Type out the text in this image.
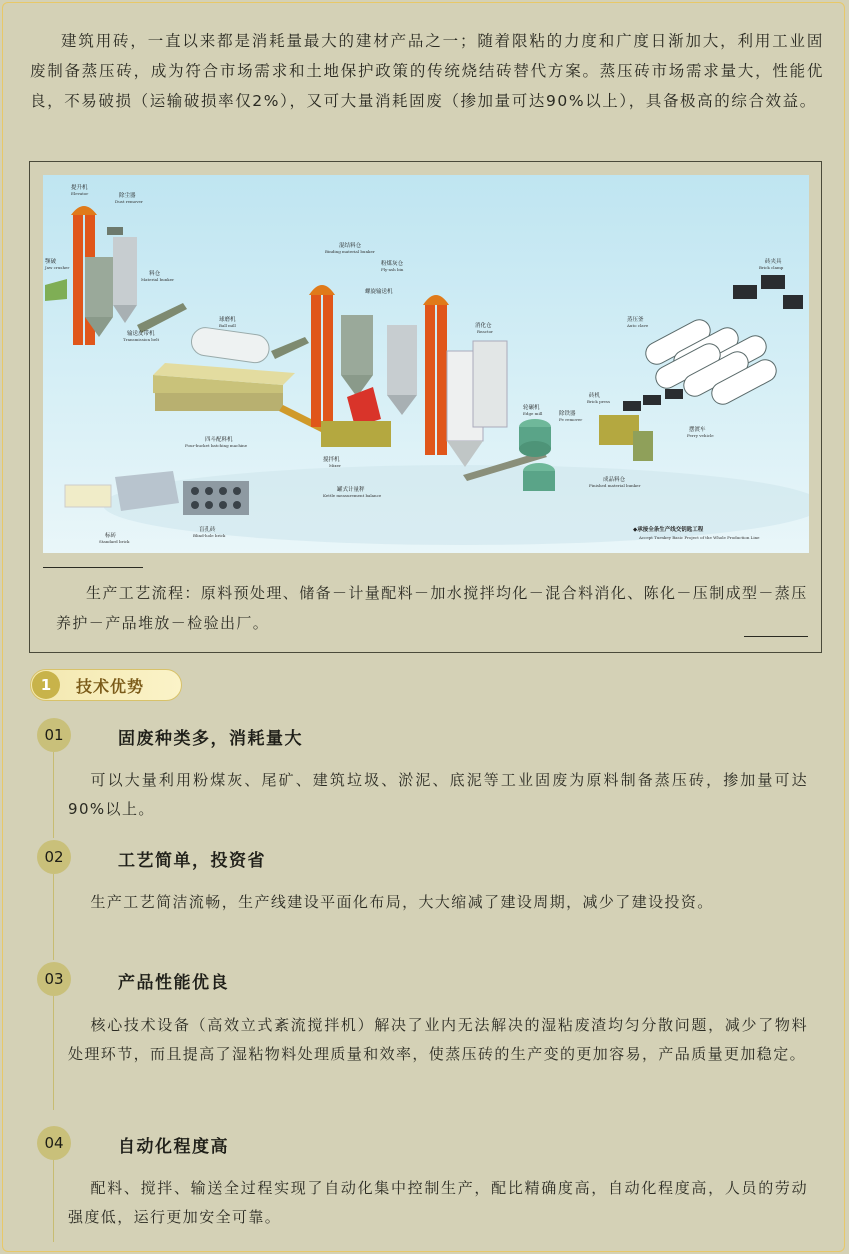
建筑用砖，一直以来都是消耗量最大的建材产品之一；随着限粘的力度和广度日渐加大，利用工业固废制备蒸压砖，成为符合市场需求和土地保护政策的传统烧结砖替代方案。蒸压砖市场需求量大，性能优良，不易破损（运输破损率仅2%），又可大量消耗固废（掺加量可达90%以上），具备极高的综合效益。

提升机
Elevator	除尘器
Dust remover
颚破
Jaw crusher
料仓
Material bunker
输送皮带机
Transmission belt
球磨机
Ball mill
四斗配料机
Four-bucket batching machine
混结料仓
Binding material bunker
粉煤灰仓
Fly-ash bin
螺旋输送机
搅拌机
Mixer
罐式计量秤
Kettle measurement balance
消化仓
Reactor
轮碾机
Edge mill	除铁器
Fe remover
砖机
Brick press
成品料仓
Finished material bunker
蒸压釜
Auto clave
摆渡车
Ferry vehicle
砖夹具
Brick clamp
标砖
Standard brick
盲孔砖
Blind-hole brick
◆承接全条生产线交钥匙工程
Accept Turnkey Basic Project of the Whole Production Line

生产工艺流程：原料预处理、储备－计量配料－加水搅拌均化－混合料消化、陈化－压制成型－蒸压养护－产品堆放－检验出厂。

1	技术优势
01	固废种类多，消耗量大

可以大量利用粉煤灰、尾矿、建筑垃圾、淤泥、底泥等工业固废为原料制备蒸压砖，掺加量可达90%以上。

02	工艺简单，投资省

生产工艺简洁流畅，生产线建设平面化布局，大大缩减了建设周期，减少了建设投资。

03	产品性能优良

核心技术设备（高效立式紊流搅拌机）解决了业内无法解决的湿粘废渣均匀分散问题，减少了物料处理环节，而且提高了湿粘物料处理质量和效率，使蒸压砖的生产变的更加容易，产品质量更加稳定。

04	自动化程度高

配料、搅拌、输送全过程实现了自动化集中控制生产，配比精确度高，自动化程度高，人员的劳动强度低，运行更加安全可靠。
